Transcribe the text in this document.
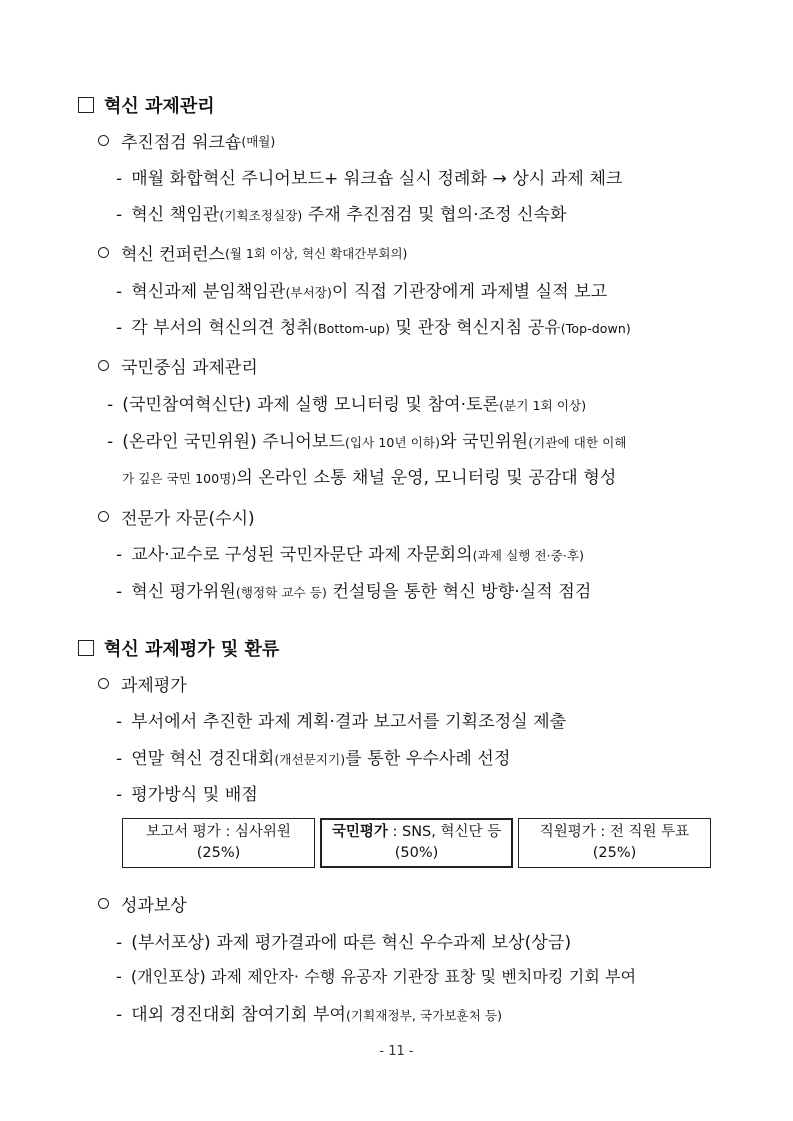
혁신 과제관리
추진점검 워크숍 (매월)
- 매월 화합혁신 주니어보드+ 워크숍 실시 정례화 → 상시 과제 체크
- 혁신 책임관(기획조정실장) 주재 추진점검 및 협의·조정 신속화
혁신 컨퍼런스 (월 1회 이상, 혁신 확대간부회의)
- 혁신과제 분임책임관(부서장)이 직접 기관장에게 과제별 실적 보고
- 각 부서의 혁신의견 청취(Bottom-up) 및 관장 혁신지침 공유(Top-down)
국민중심 과제관리
- (국민참여혁신단) 과제 실행 모니터링 및 참여·토론(분기 1회 이상)
- (온라인 국민위원) 주니어보드(입사 10년 이하)와 국민위원(기관에 대한 이해
가 깊은 국민 100명)의 온라인 소통 채널 운영, 모니터링 및 공감대 형성
전문가 자문(수시)
- 교사·교수로 구성된 국민자문단 과제 자문회의(과제 실행 전·중·후)
- 혁신 평가위원(행정학 교수 등) 컨설팅을 통한 혁신 방향·실적 점검
혁신 과제평가 및 환류
과제평가
- 부서에서 추진한 과제 계획·결과 보고서를 기획조정실 제출
- 연말 혁신 경진대회(개선문지기)를 통한 우수사례 선정
- 평가방식 및 배점
보고서 평가 : 심사위원
(25%)
국민평가 : SNS, 혁신단 등
(50%)
직원평가 : 전 직원 투표
(25%)
성과보상
- (부서포상) 과제 평가결과에 따른 혁신 우수과제 보상(상금)
- (개인포상) 과제 제안자· 수행 유공자 기관장 표창 및 벤치마킹 기회 부여
- 대외 경진대회 참여기회 부여(기획재정부, 국가보훈처 등)
- 11 -
